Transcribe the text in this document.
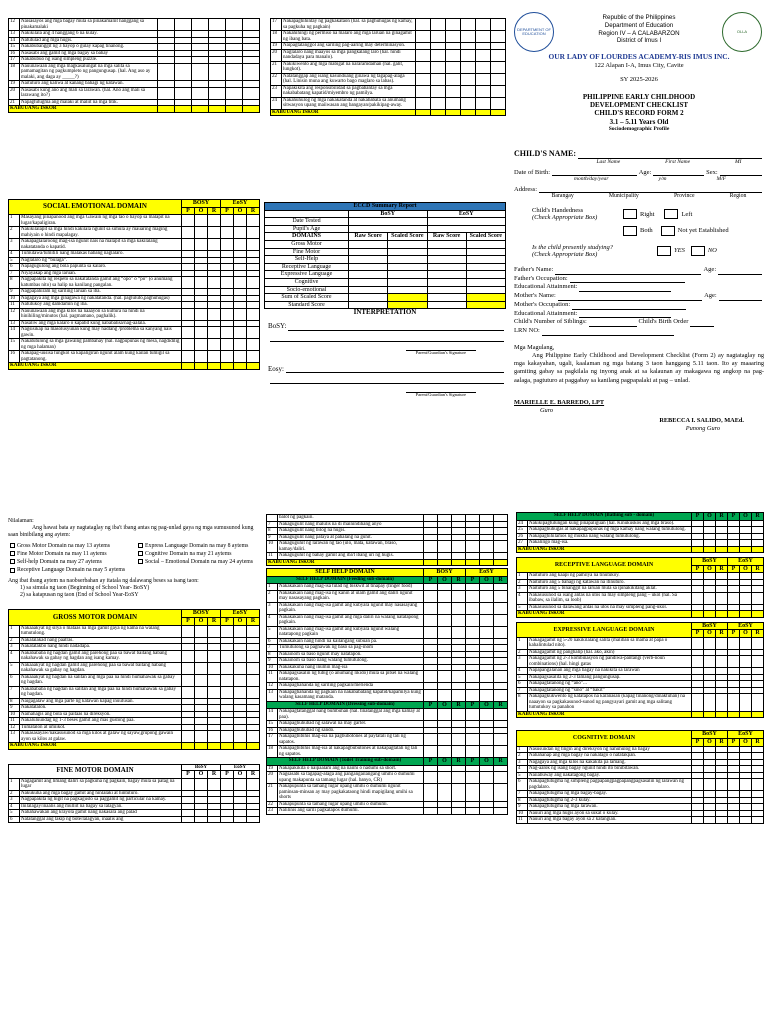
12	Naisasayos ang mga bagay mula sa pinakamaliit hanggang sa pinakamalaki						
13	Nakikilala ang 4 hanggang 6 na kulay.						
14	Natutulad ang mga hugis.						
15	Nakabubanggit ng 3 hayop o gulay kapag tinanong.						
16	Nasasabi ang gamit ng mga bagay sa bahay						
17	Nakabubuo ng isang simpleng puzzle.						
18	Nauunawaan ang mga magkasalungat na mga salita sa pamamagitan ng pagkumpleto ng pangungusap. (hal. Ang aso ay malaki, ang daga ay _____?)						
19	Naituturo ang kaliwa at kanang bahagi ng katawan.						
20	Nasasabi kung ano ang mali sa larawan. (hal. Ano ang mali sa larawang ito?)						
21	Napagtutugma ang malaki at maliit na mga titik.						
KABUUANG ISKOR							
17	Nakapaghihintay ng pagkakataon (hal. sa paghuhugas ng kamay, sa pagkuha ng pagkain)						
18	Nakahihingi ng permiso na malaro ang mga laruan na ginagamit ng ibang bata.						
19	Naipagtatanggol ang sariling pag-aaring may determinasyon.						
20	Naglalaro nang maayos sa mga pangkalang laro (hal. hindi nandadaya para manalo).						
21	Nakikiwento ang mga mabigat na nararamdaman (hal. galit, lungkot).						
22	Natatanggap ang isang kasunduang ginawa ng tagapag-alaga (hal. Linisin muna ang kuwarto bago maglaro sa labas).						
23	Napakikita ang responsibilidad sa pagbabantay sa mga nakababatang kapatid/miyembro ng pamilya.						
24	Nakahuhulog ng mga nakakatanda at nakababata sa anumang sitwasyon upang maiiwasan ang bangayan/pakikipag-away.						
KABUUANG ISKOR							
DEPARTMENT OF EDUCATION	OLLA
Republic of the Philippines
Department of Education
Region IV – A CALABARZON
District of Imus I
OUR LADY OF LOURDES ACADEMY-RIS IMUS INC.
122 Alapan I-A, Imus City, Cavite
SY 2025-2026
PHILIPPINE EARLY CHILDHOOD
DEVELOPMENT CHECKLIST
CHILD'S RECORD FORM 2
3.1 – 5.11 Years Old
Sociodemographic Profile
CHILD'S NAME:
Last Name	First Name	MI
Date of Birth:	Age:	Sex:
month/day/year	y/m	M/F
Address:
Barangay	Municipality	Province	Region
Child's Handedness
(Check Appropriate Box)
Right	Left
Both	Not yet Established
Is the child presently studying?
(Check Appropriate Box)
YES	NO
Father's Name:	Age:
Father's Occupation:
Educational Attainment:
Mother's Name:	Age:
Mother's Occupation:
Educational Attainment:
Child's Number of Siblings:	Child's Birth Order
LRN NO:
Mga Magulang,
Ang Philippine Early Childhood and Development Checklist (Form 2) ay nagtataglay ng mga kakayahan, ugali, kaalaman ng mga batang 3 taon hanggang 5.11 taon. Ito ay maaaring gamiting gabay sa pagkilala ng inyong anak at sa kalaunan ay makagawa ng angkop na pag-aalaga, pagtuturo at paggabay sa kanilang pagpapalaki at pag – unlad.
MARIELLE E. BARREDO, LPT
Guro
REBECCA I. SALIDO, MAEd.
Punong Guro
SOCIAL EMOTIONAL DOMAIN		BOSY			EoSY		
		P	O	R	P	O	R
1	Masayang pinapanood ang mga Gawain ng mga tao o hayop sa malapit na lugar/kapaligiran.						
2	Nakikilalapit sa mga hindi kakilala ngunit sa simula ay mauaring maging mahiyain o hindi mapalagay.						
3	Nakapaglalaroong mag-isa ngunit nais na malapit sa mga kakilalang nakatatanda o kapatid.						
4	Tumutawa/tumitili nang malakas habang naglalaro.						
5	Naglalaro ng “bulaga”.						
6	Napagugulong ang bola papunta sa kalaro.						
7	Niyayakap ang mga laruan.						
8	Nagpapakita ng respeto sa nakatatanda gamit ang “opo” o “po” (o anumang katumbas nito) sa halip na kanilang pangalan.						
9	Nagpapahiram ng sariling laruan sa iba.						
10	Nagagaya ang mga ginagawa ng nakatatanda. (hal. pagluluto,paghuhugas)						
11	Natutukoy ang damdamin ng iba.						
12	Nauunawaan ang mga kilos na naaayon sa kultura na hindi na hinihiling/minutos (hal. pagmamano, paghalik).						
13	Nasaliw ang mga kalaro o kapatid kung nababalisa/nag-aalala.						
14	Nagsisikap na masolusyunan kung may hadlang /problema sa kanyang nais gawin.						
15	Nakatutulong sa mga gawaing pambahay (hal. nagpupunas ng mesa, nagdidilig ng mga halaman)						
16	Nakapag-uusisa tungkol sa kapaligiran ngunit alam kung kailan tumigil sa pagtatanong.						
KABUUANG ISKOR							
ECCD Summary Report				
	BoSY		EoSY	
Date Tested				
Pupil's Age				
DOMAINS	Raw Score	Scaled Score	Raw Score	Scaled Score
Gross Motor				
Fine Motor				
Self-Help				
Receptive Language				
Expressive Language				
Cognitive				
Socio-emotional				
Sum of Scaled Score				
Standard Score				
INTERPRETATION				
BoSY:
Parent/Guardian's Signature
Eosy:
Parent/Guardian's Signature
Nilalaman:
Ang hawat bata ay nagtataglay ng iba't ibang antas ng pag-unlad gaya ng mga sumusunod kung saan binibilang ang aytem:
Gross Motor Domain na may 13 aytems	Express Language Domain na may 8 aytems
Fine Motor Domain na may 11 aytems	Cognitive Domain na may 21 aytems
Self-help Domain na may 27 aytems	Social – Emotional Domain na may 24 aytems
Receptive Language Domain na may 5 aytems
Ang ibat ibang aytem na naobserbahan ay itatala ng dalawang beses sa isang taon:
1) sa simula ng taon (Beginning of School Year- BoSY)
2) sa katapusan ng taon (End of School Year-EoSY
GROSS MOTOR DOMAIN		BOSY			EoSY		
		P	O	R	P	O	R
1	Nakaaakyat ng silya o mataas na mga gamit gaya ng kama na walang tumutulong.						
2	Nakalalakad nang paatras.						
3	Nakatatakbo nang hindi nadadapa.						
4	Nakabababa ng hagdan gamit ang parehong paa sa bawat baitang habang nakahawak sa gabay ng hagdan ang isang kamay.						
5	Nakaaakyat ng hagdan gamit ang parehong paa sa bawat baitang habang nakahawak sa gabay ng hagdan.						
6	Nakaaakyat ng hagdan na salitan ang mga paa na hindi humahawak sa gabay ng hagdan.						
7	Nakabababa ng hagdan na salitan ang mga paa na hindi humahawak sa gabay ng hagdan.						
8	Naigagalaw ang mga parte ng katawan kapag inuutusan.						
9	Nakatatalon.						
10	Naihahagis ang bola sa paitaas na direksyon.						
11	Nakaluluundag ng 1-3 beses gamit ang mas gustong paa.						
12	Tumatalon at umiikot.						
13	Nakasasayaw/nakasusunod sa mga kilos at galaw ng sayaw,grupong gawain ayon sa kilos at galaw.						
KABUUANG ISKOR							
FINE MOTOR DOMAIN		BoSY			EoSY		
		P	O	R	P	O	R
1	Nagagamit ang limang daliri sa pagkuha ng pagkain, bagay mula sa patag na lugar						
2	Nakukuha ang mga bagay gamit ang hinlalaki at hintuturo.						
3	Nagpapakita ng higit na pagkagusto sa paggamit ng particular na kamay.						
4	Inilalagay/inaalis ang mulliit na bagay sa lalagyan.						
5	Nahahawakan ang krayola gamit nang nakasara ang palad						
6	Natatanggal ang takip ng bote/lalagyan, inaalis ang						
	balot ng pagkain.						
7	Nakagugulit nang malulis na di mainindihang anyo						
8	Nakagugulit nang bilog na hugis.						
9	Nakagugulit nang pataya at pahalang na guhit.						
10	Nakaguguhit ng larawan ng tao (ulo, mata, katawan, braso, kamay/daliri.						
11	Nakaguguhit ng bahay gamit ang iba't ibang uri ng hugis.						
KABUUANG ISKOR							
SELF HELP DOMAIN		BOSY			EoSY		
SELF HELP DOMAIN (Feeding sub-domain)		P	O	R	P	O	R
1	Nakakakain nang mag-isa tulad ng biskwit at tinapay (finger food)						
2	Nakakakain nang mag-isa ng kanin at ulam gamit ang daliri ngunit may nasasayang pagkain.						
3	Nakakakain nang mag-isa gamit ang kubyara ngunit may nasasayang pagkain.						
4	Nakakakain nang mag-isa gamit ang mga daliri na walang natatapong pagkain.						
5	Nakakakain nang mag-isa gamit ang kubyara ngunit walang natatapong pagkain						
6	Nakakakain nang hindi na kailangang subuan pa.						
7	Tumutulong sa paghawak ng baso sa pag-inom						
8	Nakainom sa baso ngunit may natatapon.						
9	Nakainom sa baso nang walang tumutulong.						
10	Nakakakuha nang inumin mag-isa						
11	Nakapagsasalin ng tubig (o anumang likido) mula sa pitsel na walang natatapon.						
12	Nakapaghahanda ng sariling pagkain/merienda						
13	Nakapaghahanda ng pagkain na nakababatang kapatid/kapamilya kung walang kasamang matanda.						
SELF HELP DOMAIN (Dressing sub-domain)		P	O	R	P	O	R
14	Nakapagtatanggal nang bumbuhan (hal. tinatanggal ang mga kamay at paa).						
15	Nakapaghuhubad ng salawal na may garter.						
16	Nakapaghuhubad ng sando.						
17	Nakapagbibihis mag-isa na pagbubotones at paytatali ng tali ng sapatos.						
18	Nakapagbibihis mag-isa at nakapagbubutones at nakapagtatali ng tali ng sapatos.						
SELF HELP DOMAIN (Toilet Training sub-domain)		P	O	R	P	O	R
19	Nakapakikita o naipaalam ang na naiihi o nadumi sa short.						
20	Nagsasabi sa tagapag-alaga ang pangangailangang umihi o dumumi upang makapunta sa tamang lugar (hal. banyo, CR)						
21	Nakapupunta sa tamang lugar upang umihi o dumumi ngunit paminsan-minsan ay may pagkakataong hindi mapigilang umihi sa shorts						
22	Nakapupunta sa tamang lugar upang umihi o dumumi.						
23	Nalilinis ang sarili pagkatapos dumumi.						
SELF HELP DOMAIN (Bathing sub - domain)		P	O	R	P	O	R
24	Nakikipagtulungan kung pinapaliguan (hal. Kinukuskos ang mga braso).						
25	Nakapaghuhugas at nakapagpupunas ng mga kamay nang walang tumutulong.						
26	Nakapaghihilamos ng mukha nang walang tumutulong.						
27	Nakaliligo mag-isa.						
KABUUANG ISKOR							
RECEPTIVE LANGUAGE DOMAIN		BoSY			EoSY		
		P	O	R	P	O	R
1	Naituturo ang kaapi ng pamilya na tinutukoy.						
2	Naituturo ang 5 bahagi ng katawan na itinuturo.						
3	Naituturo ang 5 binanggit na laruan mula sa ipinakikitang aklat.						
4	Nakasusunod sa isang antas na utos na may simpleng pang – ukol (hal. Sa ibabaw, sa ilalim, sa loob)						
5	Nakasusunod sa dalawang antas na utos na may simpleng pang-ukol.						
KABUUANG ISKOR							
EXPRESSIVE LANGUAGE DOMAIN		BoSY			EoSY		
		P	O	R	P	O	R
1	Nakagagamit ng 5-20 nakikilalang salita (maliban sa mama at papa o kahalintulad nito).						
2	Nakagagamit ng panghalip (hal. ako, akin)						
3	Nakagagamit ng 2-3 kombinasyon ng pandiwa-pantangi (verb-noun combinations) (hal. hingi gatas						
4	Napapangalanan ang mga bagay na nakikita sa larawan						
5	Nakapagsasalita ng 2-3 tamang pangungusap.						
6	Nakapagtatanong ng “ano”...						
7	Nakapagtatanong ng “sino” at “bakit”						
8	Nakapagkukwento ng katatapos na karanasan (kapag tinanong/dinaktuhan) na naaayon sa pagkakasunod-sunod ng pangyayari gamit ang mga salitang tumutukoy sa panahon						
KABUUANG ISKOR							
COGNITIVE DOMAIN		BoSY			EoSY		
		P	O	R	P	O	R
1	Nasusundan ng tingin ang direksyon ng nahuhulog na bagay						
2	Nahahanap ang mga bagay na nakatago o natatakpan.						
3	Nagagaya ang mga kilos na kakakita pa lamang.						
4	Nag-aalok ng isang bagay ngunit hindi ito binibitawan.						
5	Naiiabuway ang nakatagong bagay.						
6	Nakapagtutugma ng simpleng pagpapangpagpapangpagsasalin ng larawan ng pagdalaro.						
7	Nakapagtutugma ng mga bagay-bagay.						
8	Nakapagtutugma ng 2-3 kulay.						
9	Nakapagtutugma ng mga larawan.						
10	Nauuri ang mga hugis ayon sa sukat o kulay.						
11	Nauuri ang mga bagay ayon sa 2 katangian.						
